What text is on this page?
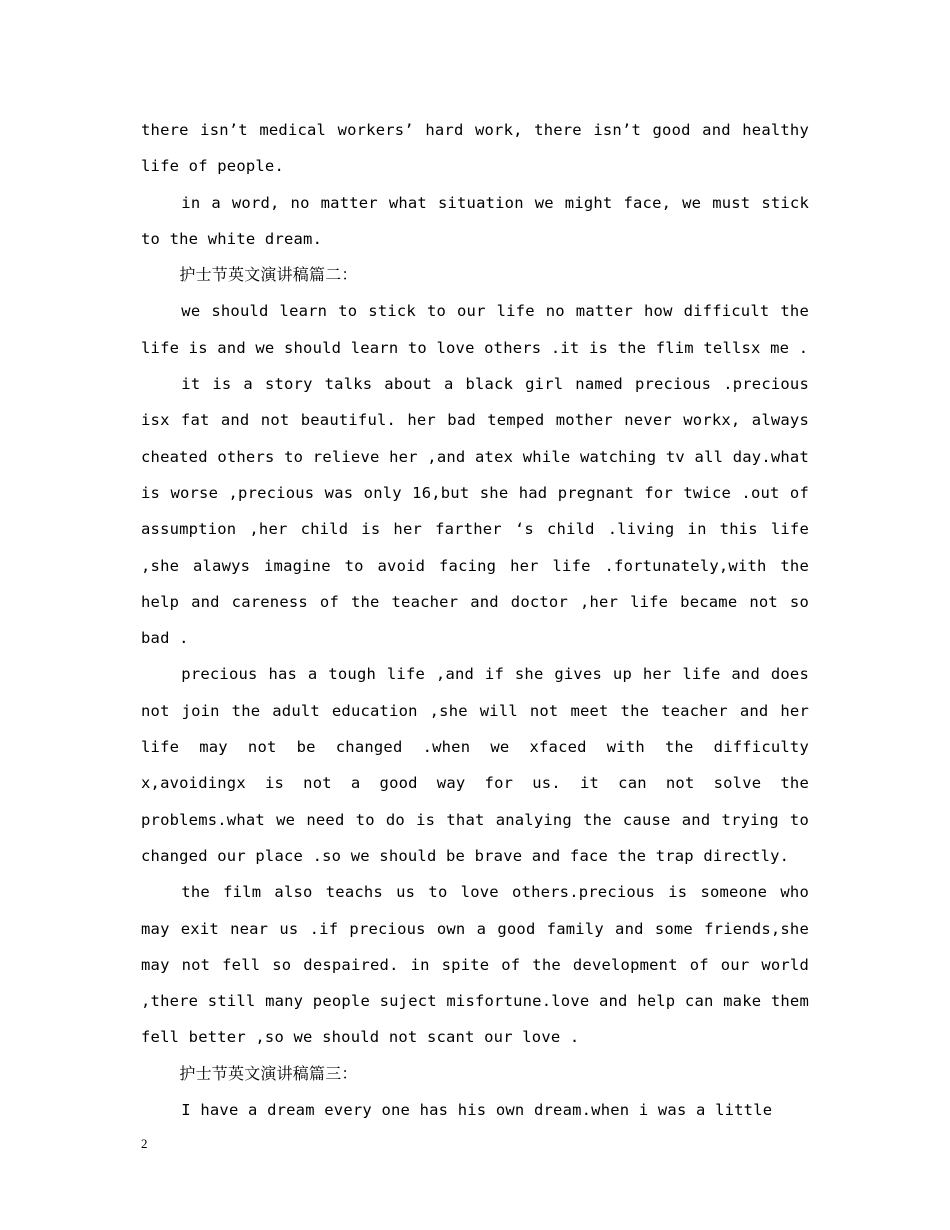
there isn’t medical workers’ hard work, there isn’t good and healthy life of people.

in a word, no matter what situation we might face, we must stick to the white dream.

护士节英文演讲稿篇二：

we should learn to stick to our life no matter how difficult the life is and we should learn to love others .it is the flim tellsx me .

it is a story talks about a black girl named precious .precious isx fat and not beautiful. her bad temped mother never workx, always cheated others to relieve her ,and atex while watching tv all day.what is worse ,precious was only 16,but she had pregnant for twice .out of assumption ,her child is her farther ‘s child .living in this life ,she alawys imagine to avoid facing her life .fortunately,with the help and careness of the teacher and doctor ,her life became not so bad .

precious has a tough life ,and if she gives up her life and does not join the adult education ,she will not meet the teacher and her life may not be changed .when we xfaced with the difficulty x,avoidingx is not a good way for us. it can not solve the problems.what we need to do is that analying the cause and trying to changed our place .so we should be brave and face the trap directly.

the film also teachs us to love others.precious is someone who may exit near us .if precious own a good family and some friends,she may not fell so despaired. in spite of the development of our world ,there still many people suject misfortune.love and help can make them fell better ,so we should not scant our love .

护士节英文演讲稿篇三：

I have a dream every one has his own dream.when i was a little

2
